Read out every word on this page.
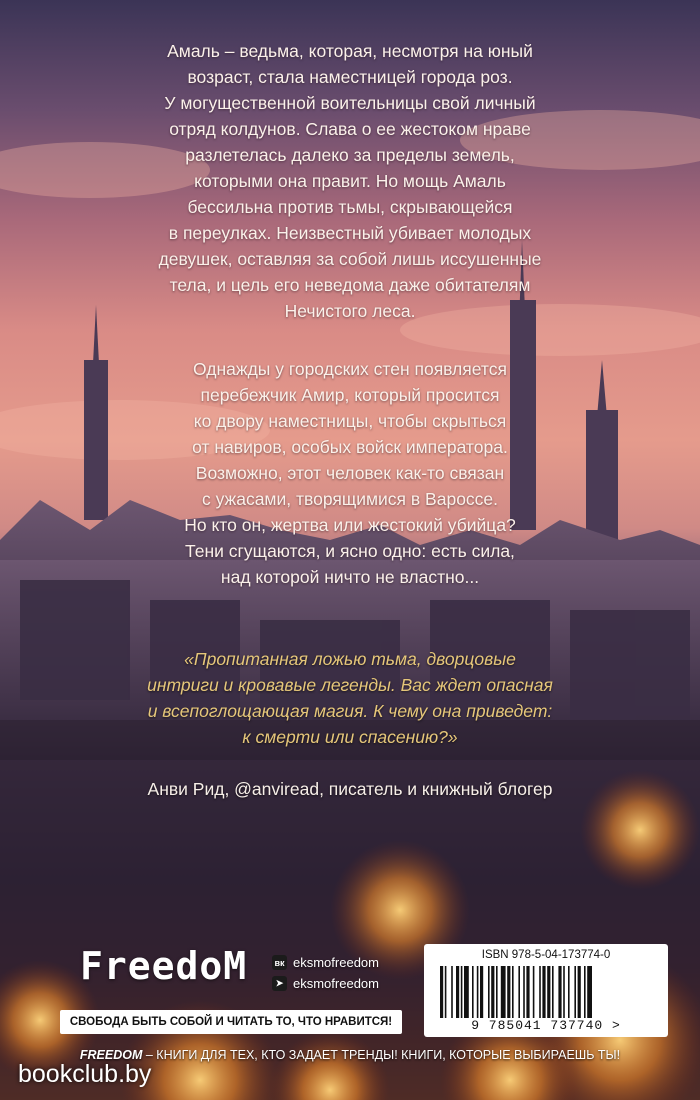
Амаль – ведьма, которая, несмотря на юный

возраст, стала наместницей города роз.

У могущественной воительницы свой личный

отряд колдунов. Слава о ее жестоком нраве

разлетелась далеко за пределы земель,

которыми она правит. Но мощь Амаль

бессильна против тьмы, скрывающейся

в переулках. Неизвестный убивает молодых

девушек, оставляя за собой лишь иссушенные

тела, и цель его неведома даже обитателям

Нечистого леса.

Однажды у городских стен появляется

перебежчик Амир, который просится

ко двору наместницы, чтобы скрыться

от навиров, особых войск императора.

Возможно, этот человек как-то связан

с ужасами, творящимися в Вароссе.

Но кто он, жертва или жестокий убийца?

Тени сгущаются, и ясно одно: есть сила,

над которой ничто не властно...

«Пропитанная ложью тьма, дворцовые
интриги и кровавые легенды. Вас ждет опасная
и всепоглощающая магия. К чему она приведет:
к смерти или спасению?»
Анви Рид, @anviread, писатель и книжный блогер
FreedoM	вк eksmofreedom
➤ eksmofreedom
ISBN 978-5-04-173774-0
9 785041 737740 >
СВОБОДА БЫТЬ СОБОЙ И ЧИТАТЬ ТО, ЧТО НРАВИТСЯ!
FREEDOM – КНИГИ ДЛЯ ТЕХ, КТО ЗАДАЕТ ТРЕНДЫ! КНИГИ, КОТОРЫЕ ВЫБИРАЕШЬ ТЫ!
bookclub.by
